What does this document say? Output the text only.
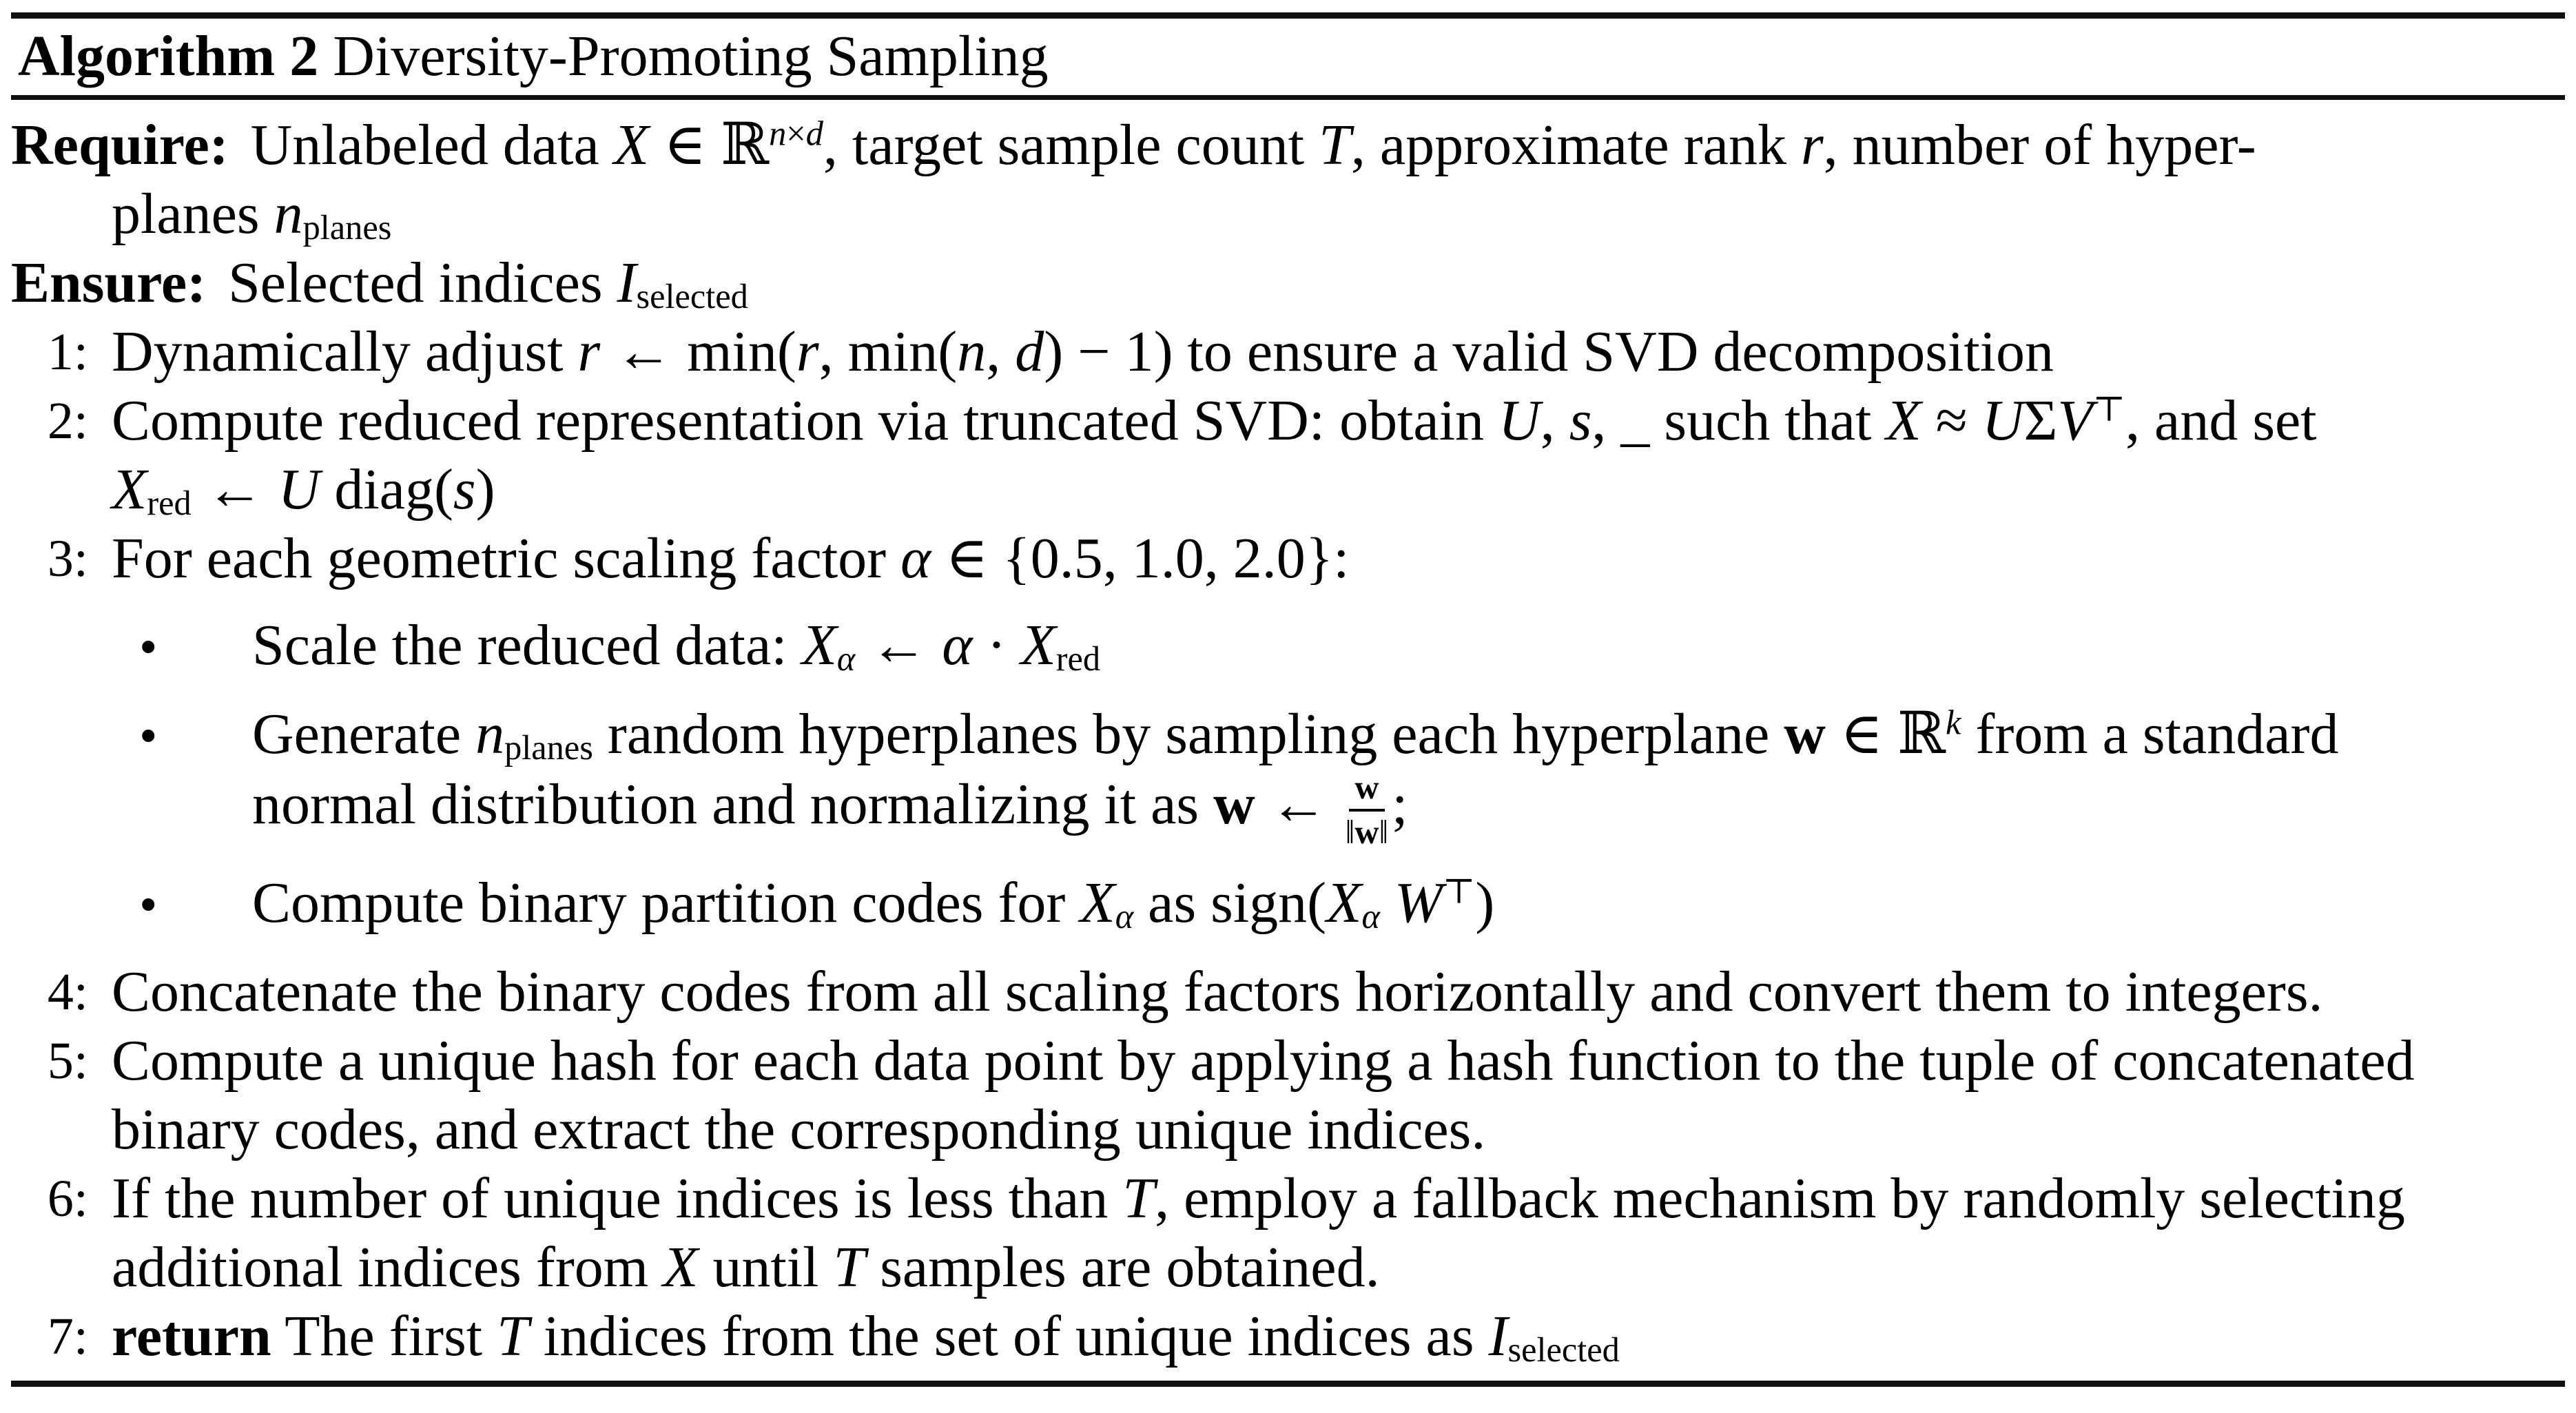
Algorithm 2 Diversity-Promoting Sampling
Require: Unlabeled data X ∈ ℝ$^{n\times d}$, target sample count T, approximate rank r, number of hyper-
planes $n_{planes}$
Ensure: Selected indices $I_{selected}$
1: Dynamically adjust r ← min(r, min(n, d) − 1) to ensure a valid SVD decomposition
2: Compute reduced representation via truncated SVD: obtain U, s, _ such that X ≈ UΣV⊤, and set
$X_{red}$ ← U diag(s)
3: For each geometric scaling factor α ∈ {0.5, 1.0, 2.0}:
•	Scale the reduced data: $X_\alpha$ ← $\alpha \cdot X_{red}$
•	Generate $n_{planes}$ random hyperplanes by sampling each hyperplane w ∈ ℝ$^k$ from a standard
normal distribution and normalizing it as w ← $\frac{w}{‖w‖}$ ;
•	Compute binary partition codes for $X_\alpha$ as $sign(X_\alpha$ W⊤)
4: Concatenate the binary codes from all scaling factors horizontally and convert them to integers.
5: Compute a unique hash for each data point by applying a hash function to the tuple of concatenated
binary codes, and extract the corresponding unique indices.
6: If the number of unique indices is less than T, employ a fallback mechanism by randomly selecting
additional indices from X until T samples are obtained.
7: return The first T indices from the set of unique indices as $I_{selected}$
